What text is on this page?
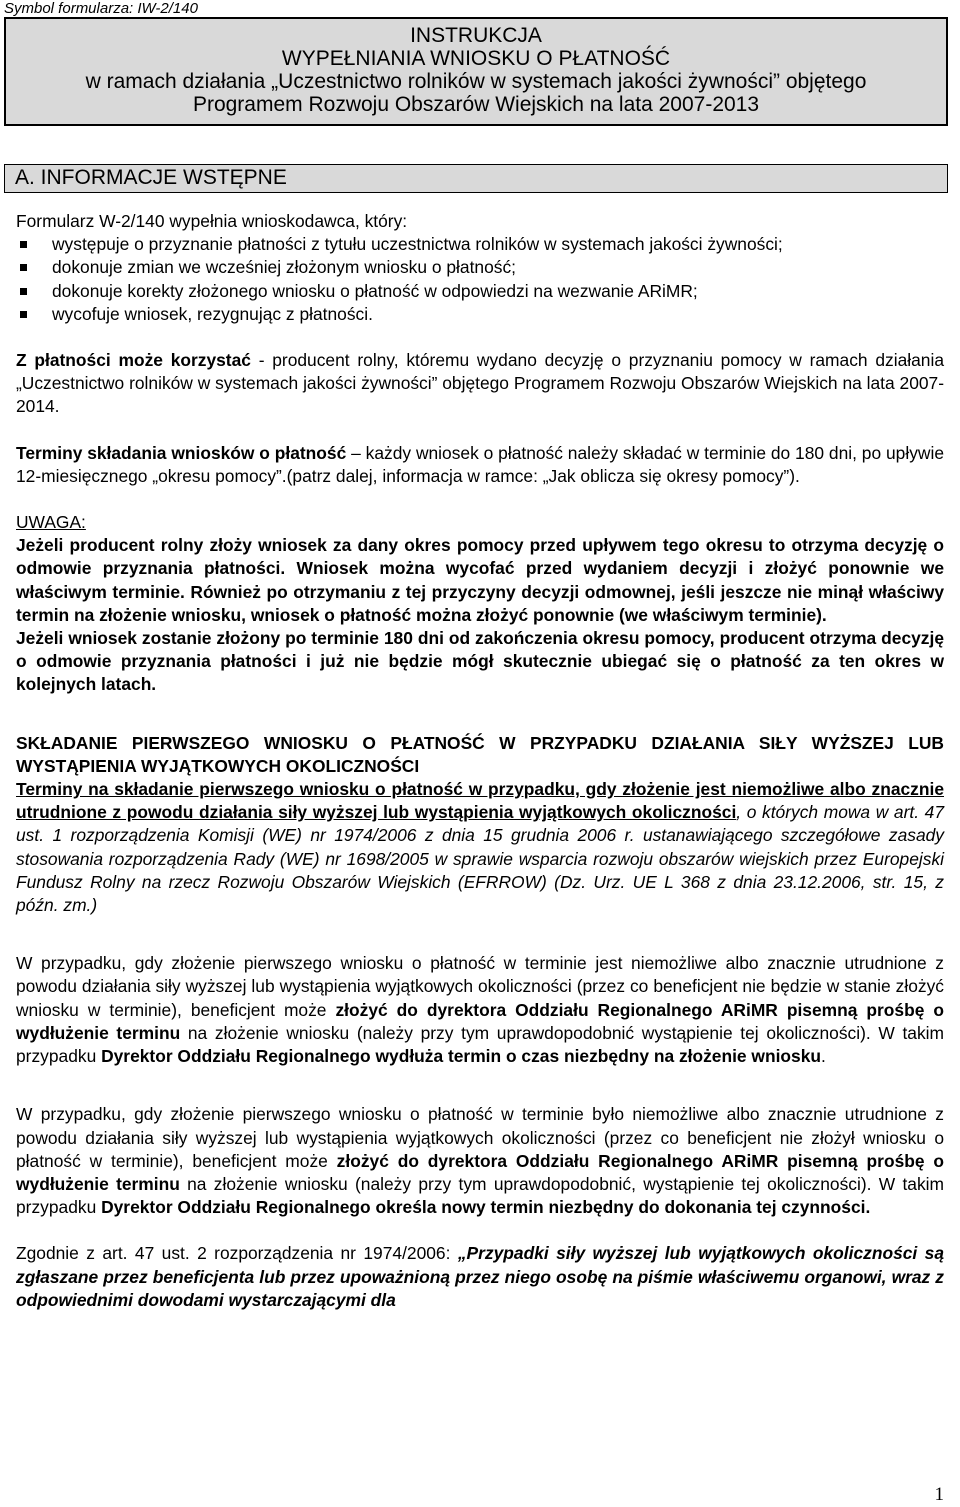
Symbol formularza: IW-2/140
INSTRUKCJA
WYPEŁNIANIA WNIOSKU O PŁATNOŚĆ
w ramach działania „Uczestnictwo rolników w systemach jakości żywności” objętego
Programem Rozwoju Obszarów Wiejskich na lata 2007-2013
A. INFORMACJE WSTĘPNE

Formularz W-2/140 wypełnia wnioskodawca, który:

występuje o przyznanie płatności z tytułu uczestnictwa rolników w systemach jakości żywności;
dokonuje zmian we wcześniej złożonym wniosku o płatność;
dokonuje korekty złożonego wniosku o płatność w odpowiedzi na wezwanie ARiMR;
wycofuje wniosek, rezygnując z płatności.

Z płatności może korzystać - producent rolny, któremu wydano decyzję o przyznaniu pomocy w ramach działania „Uczestnictwo rolników w systemach jakości żywności” objętego Programem Rozwoju Obszarów Wiejskich na lata 2007-2014.

Terminy składania wniosków o płatność – każdy wniosek o płatność należy składać w terminie do 180 dni, po upływie 12-miesięcznego „okresu pomocy”.(patrz dalej, informacja w ramce: „Jak oblicza się okresy pomocy”).

UWAGA:

Jeżeli producent rolny złoży wniosek za dany okres pomocy przed upływem tego okresu to otrzyma decyzję o odmowie przyznania płatności. Wniosek można wycofać przed wydaniem decyzji i złożyć ponownie we właściwym terminie. Również po otrzymaniu z tej przyczyny decyzji odmownej, jeśli jeszcze nie minął właściwy termin na złożenie wniosku, wniosek o płatność można złożyć ponownie (we właściwym terminie).

Jeżeli wniosek zostanie złożony po terminie 180 dni od zakończenia okresu pomocy, producent otrzyma decyzję o odmowie przyznania płatności i już nie będzie mógł skutecznie ubiegać się o płatność za ten okres w kolejnych latach.

SKŁADANIE PIERWSZEGO WNIOSKU O PŁATNOŚĆ W PRZYPADKU DZIAŁANIA SIŁY WYŻSZEJ LUB WYSTĄPIENIA WYJĄTKOWYCH OKOLICZNOŚCI

Terminy na składanie pierwszego wniosku o płatność w przypadku, gdy złożenie jest niemożliwe albo znacznie utrudnione z powodu działania siły wyższej lub wystąpienia wyjątkowych okoliczności, o których mowa w art. 47 ust. 1 rozporządzenia Komisji (WE) nr 1974/2006 z dnia 15 grudnia 2006 r. ustanawiającego szczegółowe zasady stosowania rozporządzenia Rady (WE) nr 1698/2005 w sprawie wsparcia rozwoju obszarów wiejskich przez Europejski Fundusz Rolny na rzecz Rozwoju Obszarów Wiejskich (EFRROW) (Dz. Urz. UE L 368 z dnia 23.12.2006, str. 15, z późn. zm.)

W przypadku, gdy złożenie pierwszego wniosku o płatność w terminie jest niemożliwe albo znacznie utrudnione z powodu działania siły wyższej lub wystąpienia wyjątkowych okoliczności (przez co beneficjent nie będzie w stanie złożyć wniosku w terminie), beneficjent może złożyć do dyrektora Oddziału Regionalnego ARiMR pisemną prośbę o wydłużenie terminu na złożenie wniosku (należy przy tym uprawdopodobnić wystąpienie tej okoliczności). W takim przypadku Dyrektor Oddziału Regionalnego wydłuża termin o czas niezbędny na złożenie wniosku.

W przypadku, gdy złożenie pierwszego wniosku o płatność w terminie było niemożliwe albo znacznie utrudnione z powodu działania siły wyższej lub wystąpienia wyjątkowych okoliczności (przez co beneficjent nie złożył wniosku o płatność w terminie), beneficjent może złożyć do dyrektora Oddziału Regionalnego ARiMR pisemną prośbę o wydłużenie terminu na złożenie wniosku (należy przy tym uprawdopodobnić, wystąpienie tej okoliczności). W takim przypadku Dyrektor Oddziału Regionalnego określa nowy termin niezbędny do dokonania tej czynności.

Zgodnie z art. 47 ust. 2 rozporządzenia nr 1974/2006: „Przypadki siły wyższej lub wyjątkowych okoliczności są zgłaszane przez beneficjenta lub przez upoważnioną przez niego osobę na piśmie właściwemu organowi, wraz z odpowiednimi dowodami wystarczającymi dla

1
